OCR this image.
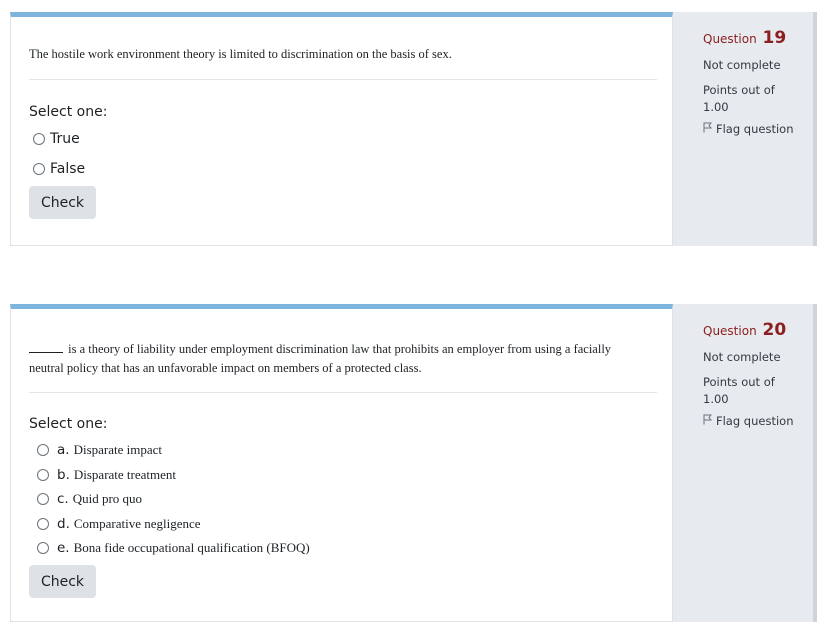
The hostile work environment theory is limited to discrimination on the basis of sex.
Select one:
True
False
Check
Question 19
Not complete
Points out of 1.00
Flag question
is a theory of liability under employment discrimination law that prohibits an employer from using a facially
neutral policy that has an unfavorable impact on members of a protected class.
Select one:
a. Disparate impact
b. Disparate treatment
c. Quid pro quo
d. Comparative negligence
e. Bona fide occupational qualification (BFOQ)
Check
Question 20
Not complete
Points out of 1.00
Flag question
